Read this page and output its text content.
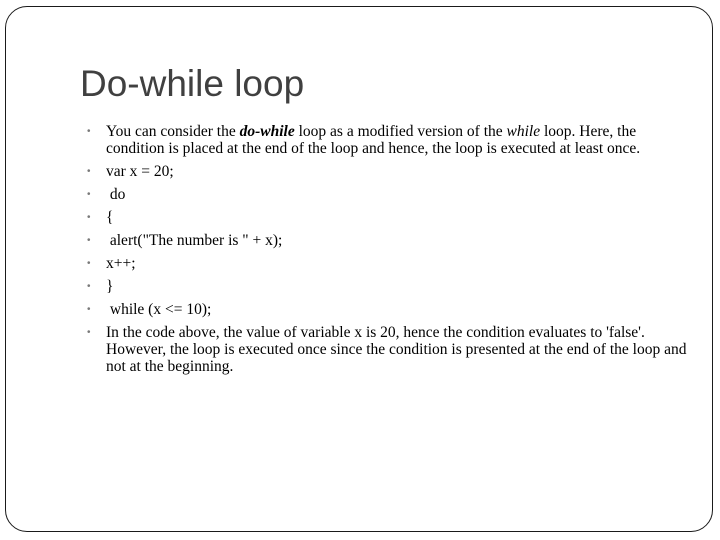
Do-while loop
• You can consider the do-while loop as a modified version of the while loop. Here, the condition is placed at the end of the loop and hence, the loop is executed at least once.
• var x = 20;
• do
• {
• alert("The number is " + x);
• x++;
• }
• while (x <= 10);
• In the code above, the value of variable x is 20, hence the condition evaluates to 'false'. However, the loop is executed once since the condition is presented at the end of the loop and not at the beginning.
